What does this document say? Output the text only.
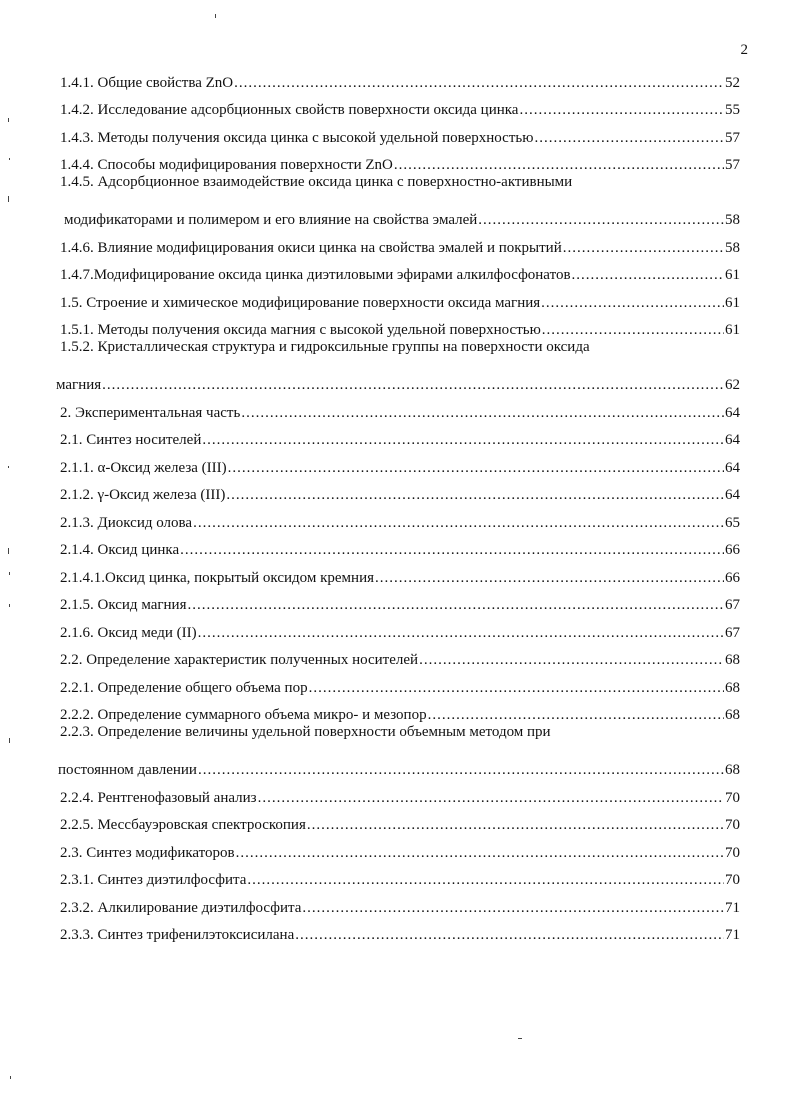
2
1.4.1. Общие свойства ZnO .....	52
1.4.2. Исследование адсорбционных свойств поверхности оксида цинка .....	55
1.4.3. Методы получения оксида цинка с высокой удельной поверхностью .....	57
1.4.4. Способы модифицирования поверхности ZnO .....	57
1.4.5. Адсорбционное взаимодействие оксида цинка с поверхностно-активными
модификаторами и полимером и его влияние на свойства эмалей .....	58
1.4.6. Влияние модифицирования окиси цинка на свойства эмалей и покрытий .....	58
1.4.7.Модифицирование оксида цинка диэтиловыми эфирами алкилфосфонатов .....	61
1.5. Строение и химическое модифицирование поверхности оксида магния .....	61
1.5.1. Методы получения оксида магния с высокой удельной поверхностью .....	61
1.5.2. Кристаллическая структура и гидроксильные группы на поверхности оксида
магния .....	62
2. Экспериментальная часть .....	64
2.1. Синтез носителей .....	64
2.1.1. α-Оксид железа (III) .....	64
2.1.2. γ-Оксид железа (III) .....	64
2.1.3. Диоксид олова .....	65
2.1.4. Оксид цинка .....	66
2.1.4.1.Оксид цинка, покрытый оксидом кремния .....	66
2.1.5. Оксид магния .....	67
2.1.6. Оксид меди (II) .....	67
2.2. Определение характеристик полученных носителей .....	68
2.2.1. Определение общего объема пор .....	68
2.2.2. Определение суммарного объема микро- и мезопор .....	68
2.2.3. Определение величины удельной поверхности объемным методом при
постоянном давлении .....	68
2.2.4. Рентгенофазовый анализ .....	70
2.2.5. Мессбауэровская спектроскопия .....	70
2.3. Синтез модификаторов .....	70
2.3.1. Синтез диэтилфосфита .....	70
2.3.2. Алкилирование диэтилфосфита .....	71
2.3.3. Синтез трифенилэтоксисилана .....	71
